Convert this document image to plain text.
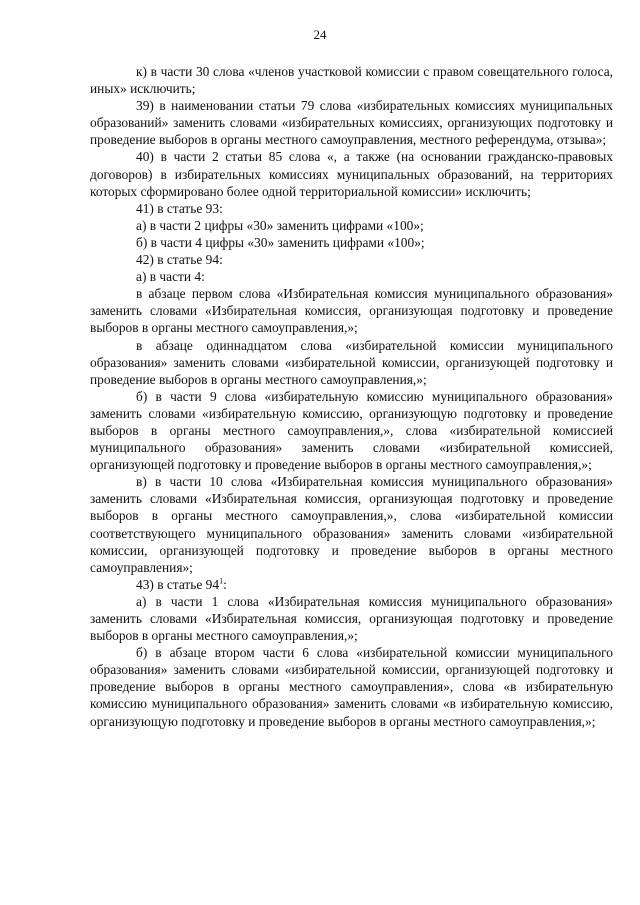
24

к) в части 30 слова «членов участковой комиссии с правом совещательного голоса, иных» исключить;

39) в наименовании статьи 79 слова «избирательных комиссиях муниципальных образований» заменить словами «избирательных комиссиях, организующих подготовку и проведение выборов в органы местного самоуправления, местного референдума, отзыва»;

40) в части 2 статьи 85 слова «, а также (на основании гражданско-правовых договоров) в избирательных комиссиях муниципальных образований, на территориях которых сформировано более одной территориальной комиссии» исключить;

41) в статье 93:

а) в части 2 цифры «30» заменить цифрами «100»;

б) в части 4 цифры «30» заменить цифрами «100»;

42) в статье 94:

а) в части 4:

в абзаце первом слова «Избирательная комиссия муниципального образования» заменить словами «Избирательная комиссия, организующая подготовку и проведение выборов в органы местного самоуправления,»;

в абзаце одиннадцатом слова «избирательной комиссии муниципального образования» заменить словами «избирательной комиссии, организующей подготовку и проведение выборов в органы местного самоуправления,»;

б) в части 9 слова «избирательную комиссию муниципального образования» заменить словами «избирательную комиссию, организующую подготовку и проведение выборов в органы местного самоуправления,», слова «избирательной комиссией муниципального образования» заменить словами «избирательной комиссией, организующей подготовку и проведение выборов в органы местного самоуправления,»;

в) в части 10 слова «Избирательная комиссия муниципального образования» заменить словами «Избирательная комиссия, организующая подготовку и проведение выборов в органы местного самоуправления,», слова «избирательной комиссии соответствующего муниципального образования» заменить словами «избирательной комиссии, организующей подготовку и проведение выборов в органы местного самоуправления»;

43) в статье $94^1$:

а) в части 1 слова «Избирательная комиссия муниципального образования» заменить словами «Избирательная комиссия, организующая подготовку и проведение выборов в органы местного самоуправления,»;

б) в абзаце втором части 6 слова «избирательной комиссии муниципального образования» заменить словами «избирательной комиссии, организующей подготовку и проведение выборов в органы местного самоуправления», слова «в избирательную комиссию муниципального образования» заменить словами «в избирательную комиссию, организующую подготовку и проведение выборов в органы местного самоуправления,»;
